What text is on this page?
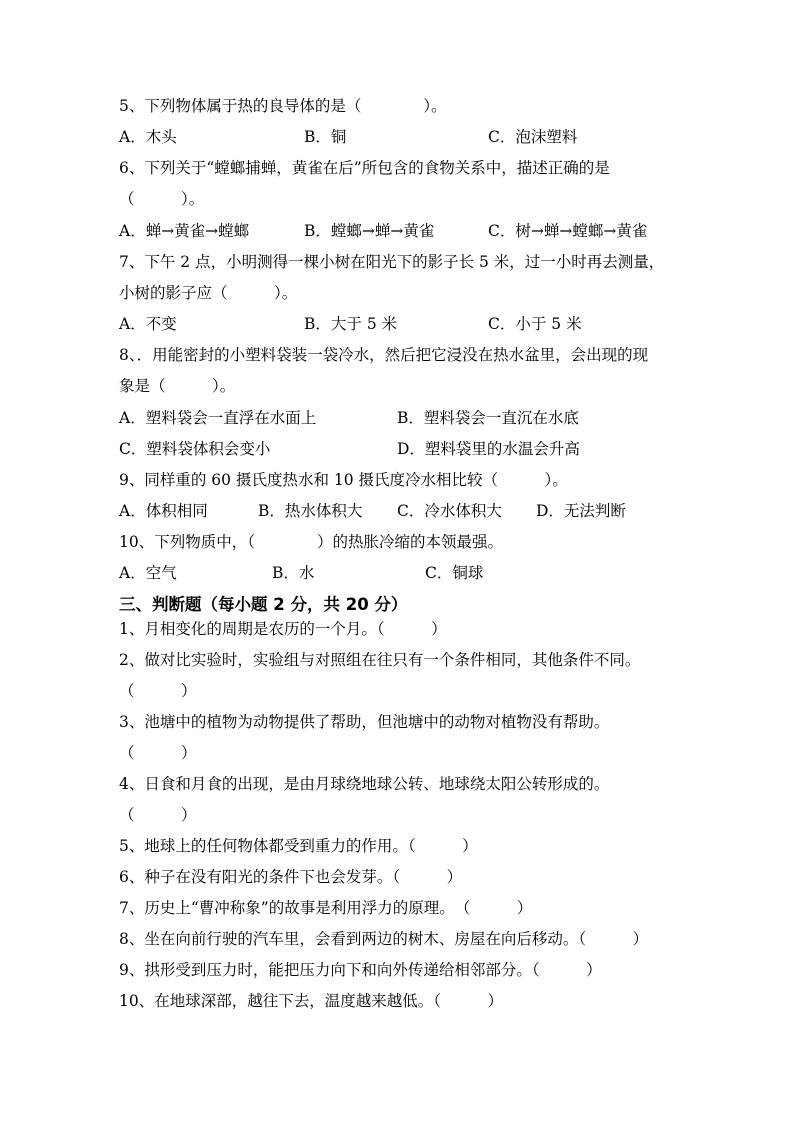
5、下列物体属于热的良导体的是（　　　　）。
A．木头	B．铜	C．泡沫塑料
6、下列关于“螳螂捕蝉，黄雀在后”所包含的食物关系中，描述正确的是
（　　　）。
A．蝉→黄雀→螳螂	B．螳螂→蝉→黄雀	C．树→蝉→螳螂→黄雀
7、下午 2 点，小明测得一棵小树在阳光下的影子长 5 米，过一小时再去测量，
小树的影子应（　　　）。
A．不变	B．大于 5 米	C．小于 5 米
8、．用能密封的小塑料袋装一袋冷水，然后把它浸没在热水盆里，会出现的现
象是（　　　）。
A．塑料袋会一直浮在水面上	B．塑料袋会一直沉在水底
C．塑料袋体积会变小	D．塑料袋里的水温会升高
9、同样重的 60 摄氏度热水和 10 摄氏度冷水相比较（　　　）。
A．体积相同	B．热水体积大 C．冷水体积大 D．无法判断
10、下列物质中，（　　　　）的热胀冷缩的本领最强。
A．空气	B．水	C．铜球
三、判断题（每小题 2 分，共 20 分）
1、月相变化的周期是农历的一个月。（　　　）
2、做对比实验时，实验组与对照组在往只有一个条件相同，其他条件不同。
（　　　）
3、池塘中的植物为动物提供了帮助，但池塘中的动物对植物没有帮助。
（　　　）
4、日食和月食的出现，是由月球绕地球公转、地球绕太阳公转形成的。
（　　　）
5、地球上的任何物体都受到重力的作用。（　　　）
6、种子在没有阳光的条件下也会发芽。（　　　）
7、历史上“曹冲称象”的故事是利用浮力的原理。　（　　　）
8、坐在向前行驶的汽车里，会看到两边的树木、房屋在向后移动。（　　　）
9、拱形受到压力时，能把压力向下和向外传递给相邻部分。（　　　）
10、在地球深部，越往下去，温度越来越低。（　　　）
